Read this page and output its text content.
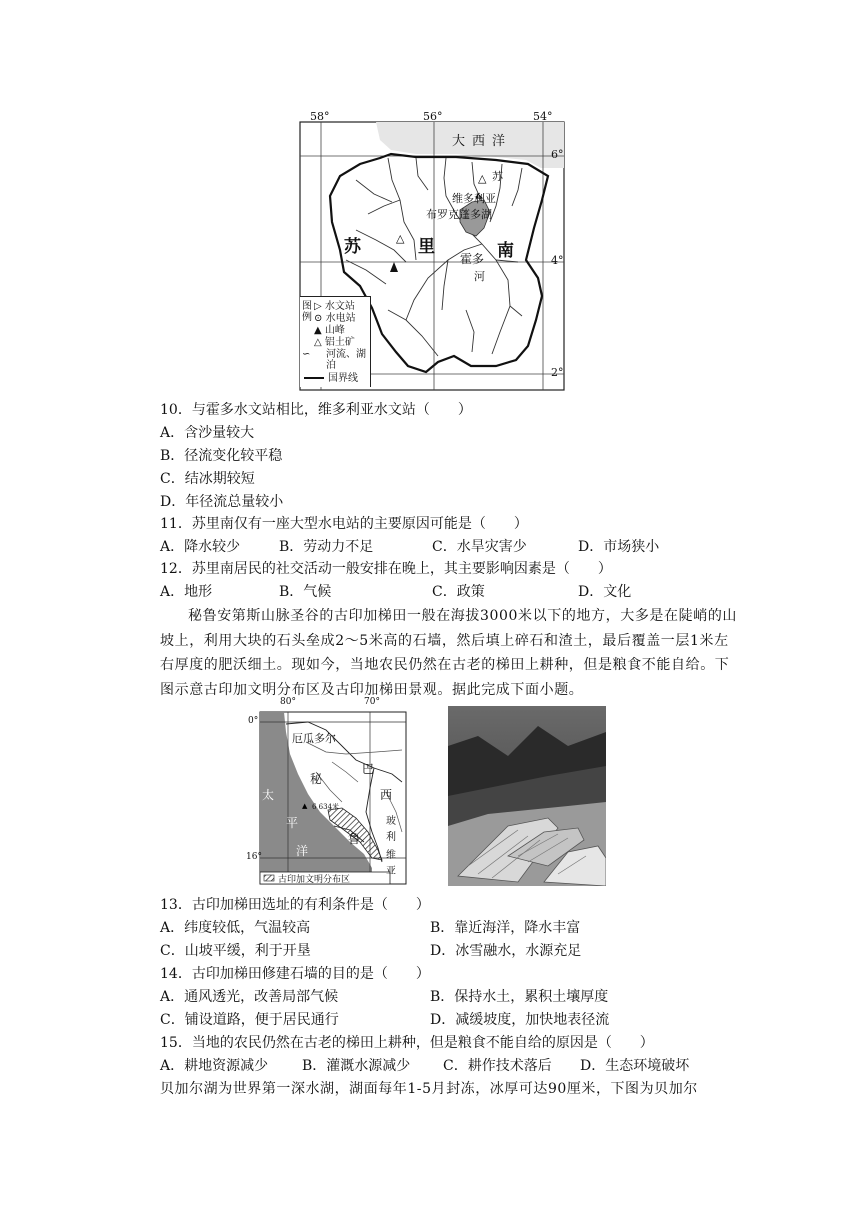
△
△
58°	56°	54°
6°
4°
2°
大西洋
苏	里	南
苏
维多利亚
布罗克蓬多湖
霍多
河
图例
▷ 水文站
⊙ 水电站
▲ 山峰
△ 铝土矿
∽ 河流、湖泊
国界线
10．与霍多水文站相比，维多利亚水文站（　　）
A．含沙量较大
B．径流变化较平稳
C．结冰期较短
D．年径流总量较小
11．苏里南仅有一座大型水电站的主要原因可能是（　　）
A．降水较少	B．劳动力不足	C．水旱灾害少	D．市场狭小
12．苏里南居民的社交活动一般安排在晚上，其主要影响因素是（　　）
A．地形	B．气候	C．政策	D．文化
秘鲁安第斯山脉圣谷的古印加梯田一般在海拔3000米以下的地方，大多是在陡峭的山坡上，利用大块的石头垒成2～5米高的石墙，然后填上碎石和渣土，最后覆盖一层1米左右厚度的肥沃细土。现如今，当地农民仍然在古老的梯田上耕种，但是粮食不能自给。下图示意古印加文明分布区及古印加梯田景观。据此完成下面小题。
▲
80°	70°
0°
16°
厄瓜多尔
秘
巴
西
太
平
洋
鲁
玻
利
维
亚
6 634米
古印加文明分布区
13．古印加梯田选址的有利条件是（　　）
A．纬度较低，气温较高	B．靠近海洋，降水丰富
C．山坡平缓，利于开垦	D．冰雪融水，水源充足
14．古印加梯田修建石墙的目的是（　　）
A．通风透光，改善局部气候	B．保持水土，累积土壤厚度
C．铺设道路，便于居民通行	D．减缓坡度，加快地表径流
15．当地的农民仍然在古老的梯田上耕种，但是粮食不能自给的原因是（　　）
A．耕地资源减少 B．灌溉水源减少 C．耕作技术落后 D．生态环境破坏
贝加尔湖为世界第一深水湖，湖面每年1-5月封冻，冰厚可达90厘米，下图为贝加尔
